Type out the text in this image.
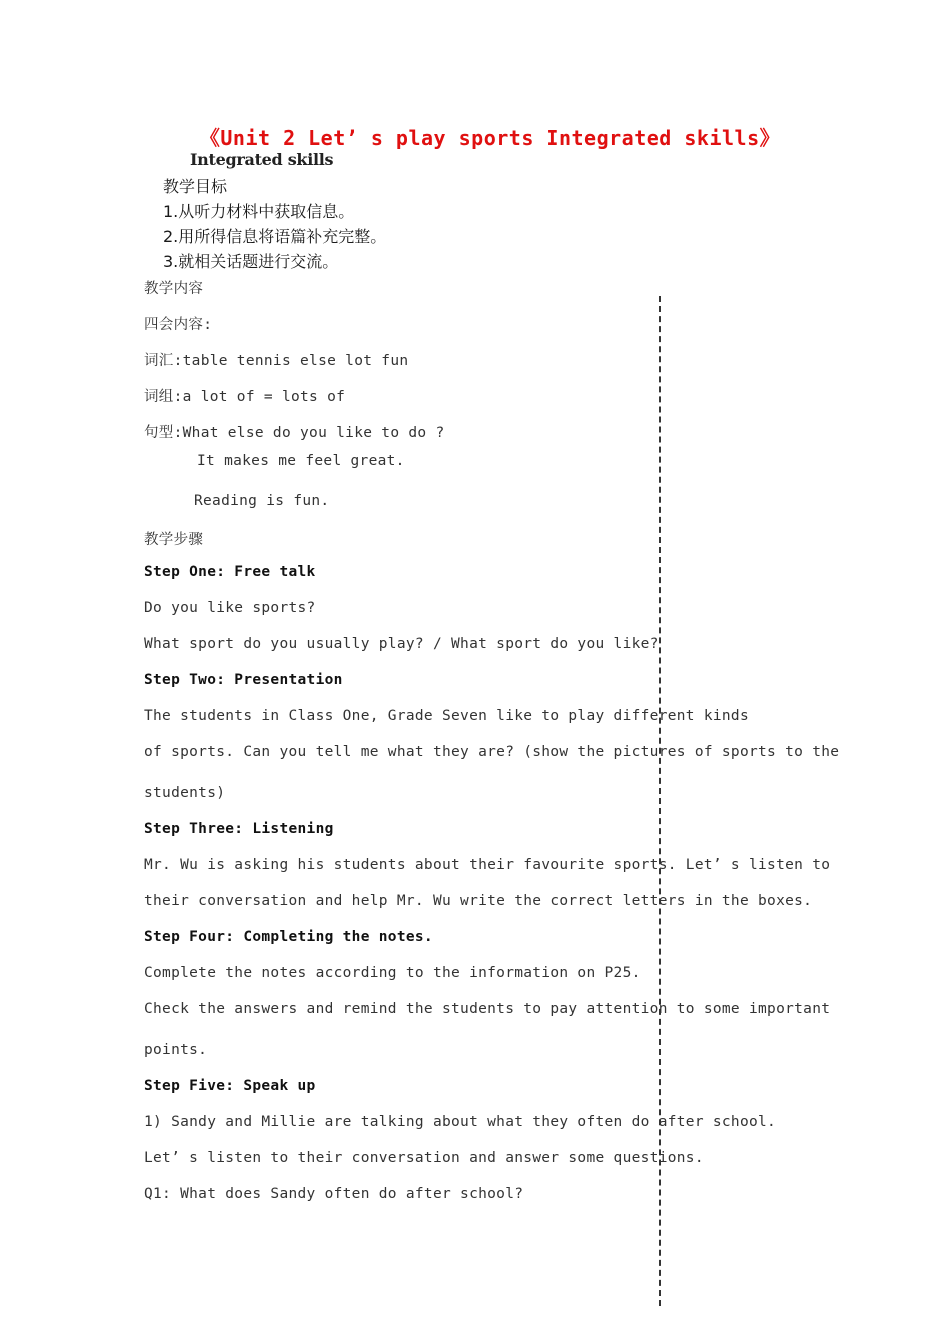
《Unit 2 Let’ s play sports Integrated skills》
Integrated skills
教学目标
1.从听力材料中获取信息。
2.用所得信息将语篇补充完整。
3.就相关话题进行交流。
教学内容
四会内容:
词汇:table tennis else lot fun
词组:a lot of = lots of
句型:What else do you like to do ?
It makes me feel great.
Reading is fun.
教学步骤
Step One: Free talk
Do you like sports?
What sport do you usually play? / What sport do you like?
Step Two: Presentation
The students in Class One, Grade Seven like to play different kinds
of sports. Can you tell me what they are? (show the pictures of sports to the
students)
Step Three: Listening
Mr. Wu is asking his students about their favourite sports. Let’ s listen to
their conversation and help Mr. Wu write the correct letters in the boxes.
Step Four: Completing the notes.
Complete the notes according to the information on P25.
Check the answers and remind the students to pay attention to some important
points.
Step Five: Speak up
1) Sandy and Millie are talking about what they often do after school.
Let’ s listen to their conversation and answer some questions.
Q1: What does Sandy often do after school?
